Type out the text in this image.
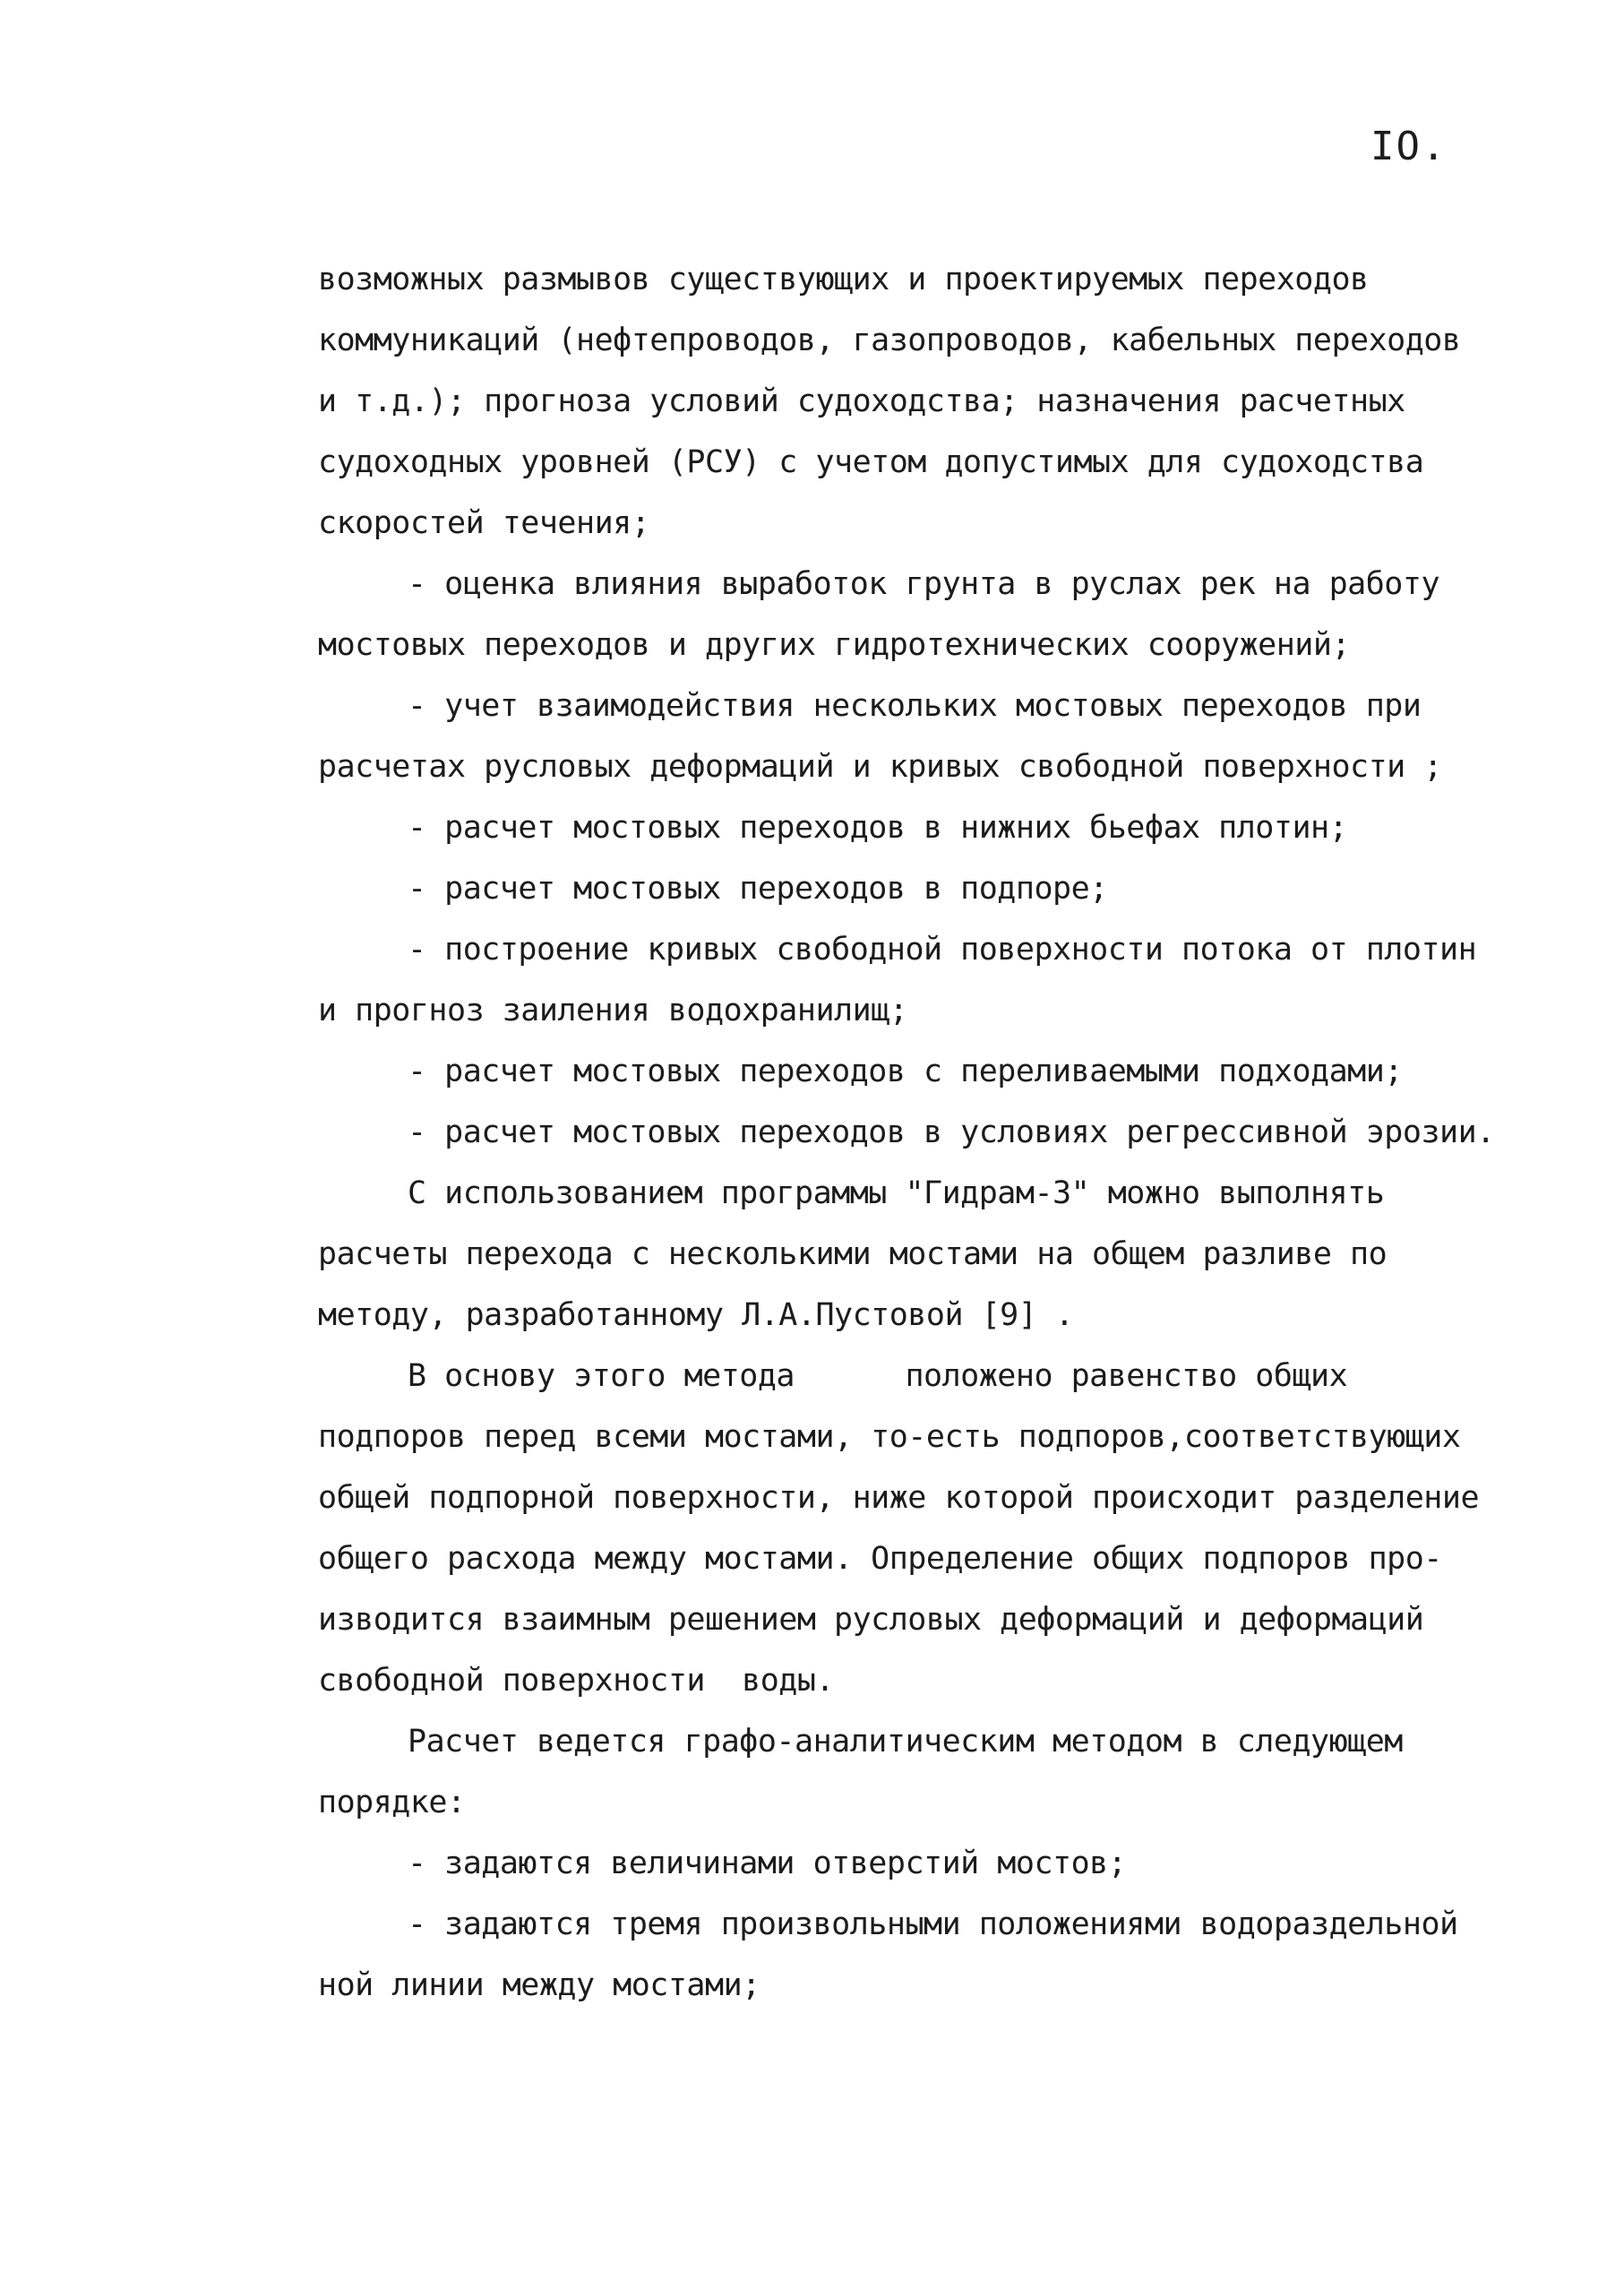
IO.
возможных размывов существующих и проектируемых переходов
коммуникаций (нефтепроводов, газопроводов, кабельных переходов
и т.д.); прогноза условий судоходства; назначения расчетных
судоходных уровней (РСУ) с учетом допустимых для судоходства
скоростей течения;
- оценка влияния выработок грунта в руслах рек на работу
мостовых переходов и других гидротехнических сооружений;
- учет взаимодействия нескольких мостовых переходов при
расчетах русловых деформаций и кривых свободной поверхности ;
- расчет мостовых переходов в нижних бьефах плотин;
- расчет мостовых переходов в подпоре;
- построение кривых свободной поверхности потока от плотин
и прогноз заиления водохранилищ;
- расчет мостовых переходов с переливаемыми подходами;
- расчет мостовых переходов в условиях регрессивной эрозии.
С использованием программы "Гидрам-3" можно выполнять
расчеты перехода с несколькими мостами на общем разливе по
методу, разработанному Л.А.Пустовой [9] .
В основу этого метода      положено равенство общих
подпоров перед всеми мостами, то-есть подпоров,соответствующих
общей подпорной поверхности, ниже которой происходит разделение
общего расхода между мостами. Определение общих подпоров про-
изводится взаимным решением русловых деформаций и деформаций
свободной поверхности  воды.
Расчет ведется графо-аналитическим методом в следующем
порядке:
- задаются величинами отверстий мостов;
- задаются тремя произвольными положениями водораздельной
ной линии между мостами;
